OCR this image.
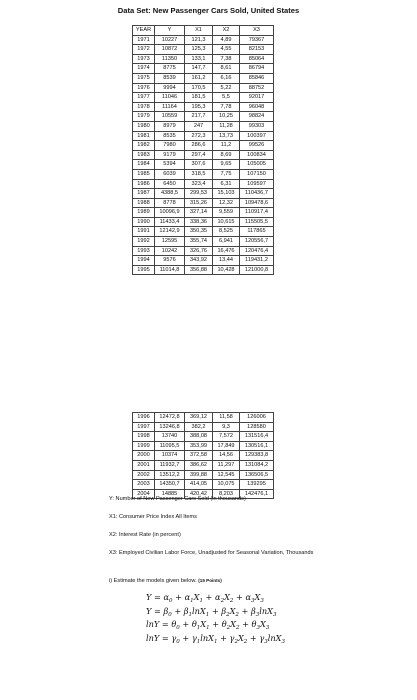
Data Set: New Passenger Cars Sold, United States
YEAR	Y	X1	X2	X3
1971	10227	121,3	4,89	79367
1972	10872	125,3	4,55	82153
1973	11350	133,1	7,38	85064
1974	8775	147,7	8,61	86794
1975	8539	161,2	6,16	85846
1976	9994	170,5	5,22	88752
1977	11046	181,5	5,5	92017
1978	11164	195,3	7,78	96048
1979	10559	217,7	10,25	98824
1980	8979	247	11,28	99303
1981	8535	272,3	13,73	100397
1982	7980	286,6	11,2	99526
1983	9179	297,4	8,69	100834
1984	5394	307,6	9,65	105005
1985	6039	318,5	7,75	107150
1986	6450	323,4	6,31	109597
1987	4388,5	299,53	15,103	110436,7
1988	8778	315,26	12,32	109478,6
1989	10096,9	327,14	9,559	110917,4
1990	11433,4	338,36	10,615	115505,5
1991	12142,9	350,35	8,525	117865
1992	12595	355,74	6,941	120556,7
1993	10242	326,76	16,476	120476,4
1994	9576	343,92	13,44	119431,2
1995	11014,8	356,88	10,428	121000,8
1996	12472,8	369,12	11,58	126006
1997	13246,8	382,2	9,3	128580
1998	13740	388,08	7,572	131516,4
1999	11095,5	353,99	17,849	130516,1
2000	10374	372,58	14,56	129383,8
2001	11932,7	386,62	11,297	131084,2
2002	13512,2	399,88	12,545	136506,5
2003	14350,7	414,05	10,075	139295
2004	14885	420,42	8,203	142476,1
Y: Number of New Passenger Cars Sold (in thousands)
X1: Consumer Price Index All Items
X2: Interest Rate (in percent)
X3: Employed Civilian Labor Force, Unadjusted for Seasonal Variation, Thousands
i) Estimate the models given below. (15 Points)
$Y = \alpha_0 + \alpha_1X_1 + \alpha_2X_2 + \alpha_3X_3$
$Y = \beta_0 + \beta_1\ln X_1 + \beta_2X_2 + \beta_3\ln X_3$
$\ln Y = \theta_0 + \theta_1X_1 + \theta_2X_2 + \theta_3X_3$
$\ln Y = \gamma_0 + \gamma_1\ln X_1 + \gamma_2X_2 + \gamma_3\ln X_3$
